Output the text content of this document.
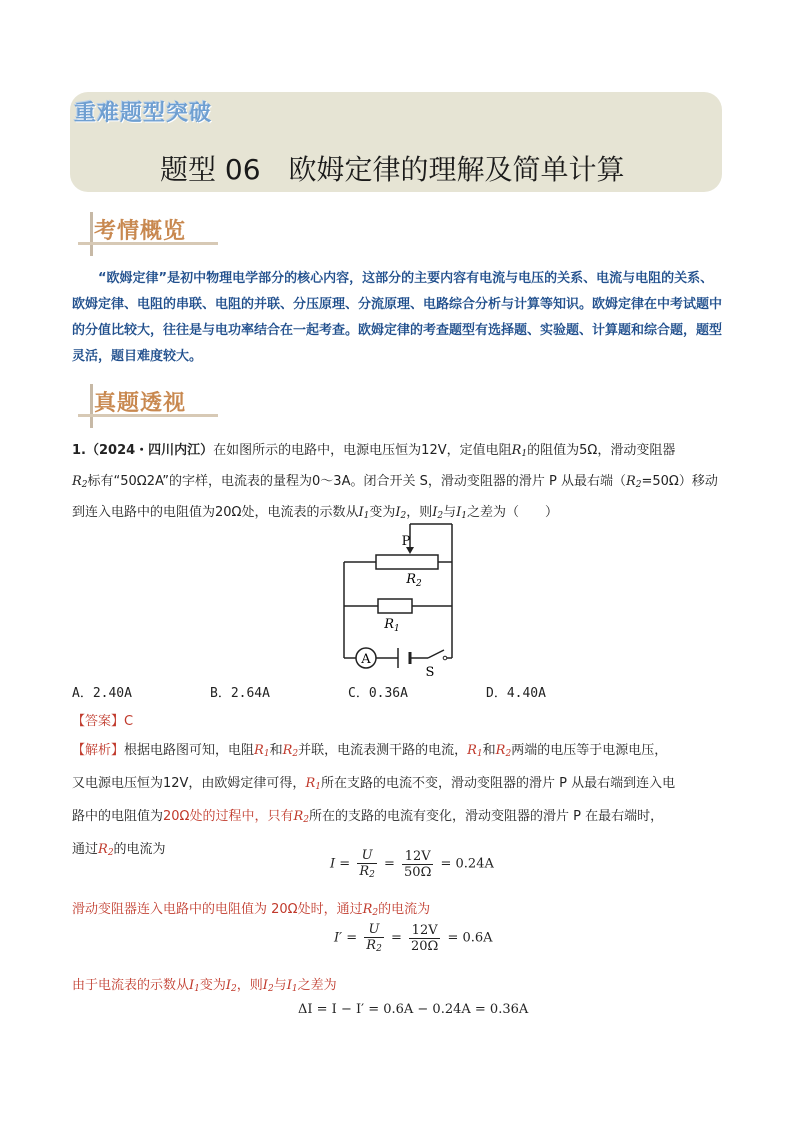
重难题型突破
题型 06　欧姆定律的理解及简单计算
考情概览
“欧姆定律”是初中物理电学部分的核心内容，这部分的主要内容有电流与电压的关系、电流与电阻的关系、欧姆定律、电阻的串联、电阻的并联、分压原理、分流原理、电路综合分析与计算等知识。欧姆定律在中考试题中的分值比较大，往往是与电功率结合在一起考查。欧姆定律的考查题型有选择题、实验题、计算题和综合题，题型灵活，题目难度较大。
真题透视
1.（2024・四川内江）在如图所示的电路中，电源电压恒为12V，定值电阻$R_1$的阻值为5Ω，滑动变阻器
$R_2$标有“50Ω2A”的字样，电流表的量程为0～3A。闭合开关 S，滑动变阻器的滑片 P 从最右端$(R_2=50\Omega)$移动到连入电路中的电阻值为20Ω处，电流表的示数从$I_1$变为$I_2$，则$I_2$与$I_1$之差为（　　）
P
$R_2$
$R_1$
A
S
A．2.40A	B．2.64A	C．0.36A	D．4.40A
【答案】C
【解析】根据电路图可知，电阻$R_1$和$R_2$并联，电流表测干路的电流，$R_1$和$R_2$两端的电压等于电源电压，
又电源电压恒为12V，由欧姆定律可得，$R_1$所在支路的电流不变，滑动变阻器的滑片 P 从最右端到连入电
路中的电阻值为20Ω处的过程中，只有$R_2$所在的支路的电流有变化，滑动变阻器的滑片 P 在最右端时，
通过$R_2$的电流为
$I = \frac{U}{R_2} = \frac{12V}{50\Omega} = 0.24A$
滑动变阻器连入电路中的电阻值为 20Ω处时，通过$R_2$的电流为
$I' = \frac{U}{R_2} = \frac{12V}{20\Omega} = 0.6A$
由于电流表的示数从$I_1$变为$I_2$，则$I_2$与$I_1$之差为
ΔI = I − I′ = 0.6A − 0.24A = 0.36A
